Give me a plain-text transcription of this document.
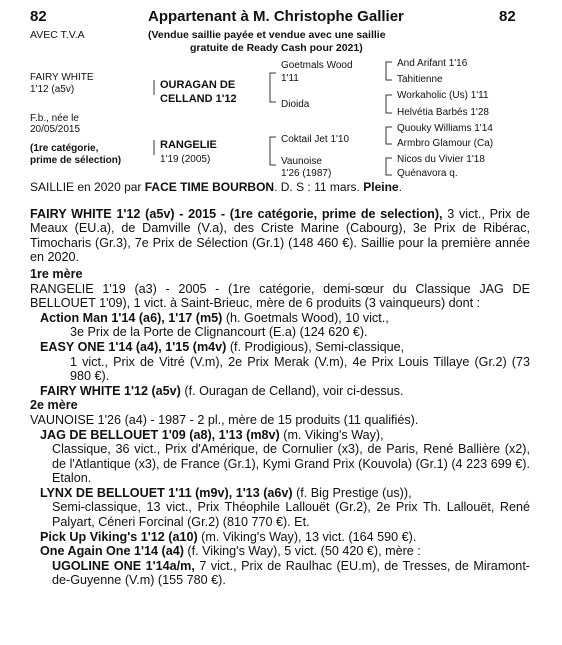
82	Appartenant à M. Christophe Gallier	82
AVEC T.V.A	(Vendue saillie payée et vendue avec une saillie
gratuite de Ready Cash pour 2021)
FAIRY WHITE
1'12 (a5v)
F.b., née le
20/05/2015
(1re catégorie,
prime de sélection)
OURAGAN DE
CELLAND 1'12
RANGELIE
1'19 (2005)
Goetmals Wood
1'11
Dioida
Coktail Jet 1'10
Vaunoise
1'26 (1987)
And Arifant 1'16
Tahitienne
Workaholic (Us) 1'11
Helvétia Barbés 1'28
Quouky Williams 1'14
Armbro Glamour (Ca)
Nicos du Vivier 1'18
Quénavora q.

SAILLIE en 2020 par FACE TIME BOURBON. D. S : 11 mars. Pleine.

FAIRY WHITE 1'12 (a5v) - 2015 - (1re catégorie, prime de selection), 3 vict., Prix de Meaux (EU.a), de Damville (V.a), des Criste Marine (Cabourg), 3e Prix de Ribérac, Timocharis (Gr.3), 7e Prix de Sélection (Gr.1) (148 460 €). Saillie pour la première année en 2020.

1re mère

RANGELIE 1'19 (a3) - 2005 - (1re catégorie, demi-sœur du Classique JAG DE BELLOUET 1'09), 1 vict. à Saint-Brieuc, mère de 6 produits (3 vainqueurs) dont :

Action Man 1'14 (a6), 1'17 (m5) (h. Goetmals Wood), 10 vict.,

3e Prix de la Porte de Clignancourt (E.a) (124 620 €).

EASY ONE 1'14 (a4), 1'15 (m4v) (f. Prodigious), Semi-classique,

1 vict., Prix de Vitré (V.m), 2e Prix Merak (V.m), 4e Prix Louis Tillaye (Gr.2) (73 980 €).

FAIRY WHITE 1'12 (a5v) (f. Ouragan de Celland), voir ci-dessus.

2e mère

VAUNOISE 1'26 (a4) - 1987 - 2 pl., mère de 15 produits (11 qualifiés).

JAG DE BELLOUET 1'09 (a8), 1'13 (m8v) (m. Viking's Way),

Classique, 36 vict., Prix d'Amérique, de Cornulier (x3), de Paris, René Ballière (x2), de l'Atlantique (x3), de France (Gr.1), Kymi Grand Prix (Kouvola) (Gr.1) (4 223 699 €). Etalon.

LYNX DE BELLOUET 1'11 (m9v), 1'13 (a6v) (f. Big Prestige (us)),

Semi-classique, 13 vict., Prix Théophile Lallouët (Gr.2), 2e Prix Th. Lallouët, René Palyart, Céneri Forcinal (Gr.2) (810 770 €). Et.

Pick Up Viking's 1'12 (a10) (m. Viking's Way), 13 vict. (164 590 €).

One Again One 1'14 (a4) (f. Viking's Way), 5 vict. (50 420 €), mère :

UGOLINE ONE 1'14a/m, 7 vict., Prix de Raulhac (EU.m), de Tresses, de Miramont-de-Guyenne (V.m) (155 780 €).
